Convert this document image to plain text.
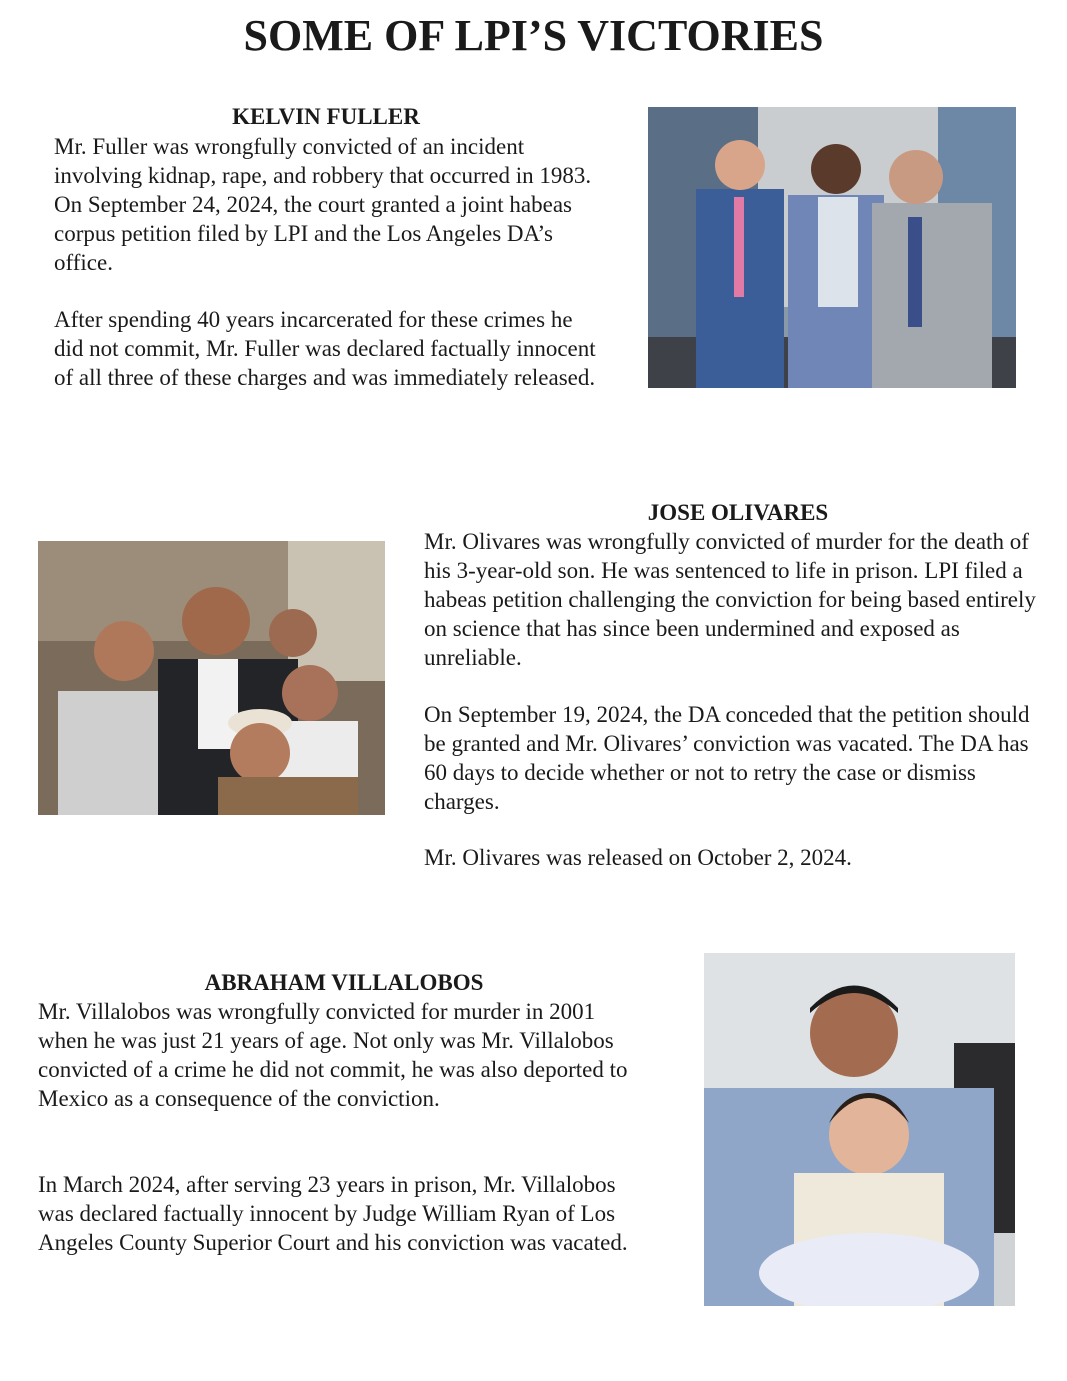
SOME OF LPI’S VICTORIES
KELVIN FULLER

Mr. Fuller was wrongfully convicted of an incident involving kidnap, rape, and robbery that occurred in 1983. On September 24, 2024, the court granted a joint habeas corpus petition filed by LPI and the Los Angeles DA’s office.

After spending 40 years incarcerated for these crimes he did not commit, Mr. Fuller was declared factually innocent of all three of these charges and was immediately released.

JOSE OLIVARES

Mr. Olivares was wrongfully convicted of murder for the death of his 3-year-old son. He was sentenced to life in prison. LPI filed a habeas petition challenging the conviction for being based entirely on science that has since been undermined and exposed as unreliable.

On September 19, 2024, the DA conceded that the petition should be granted and Mr. Olivares’ conviction was vacated. The DA has 60 days to decide whether or not to retry the case or dismiss charges.

Mr. Olivares was released on October 2, 2024.

ABRAHAM VILLALOBOS

Mr. Villalobos was wrongfully convicted for murder in 2001 when he was just 21 years of age. Not only was Mr. Villalobos convicted of a crime he did not commit, he was also deported to Mexico as a consequence of the conviction.

In March 2024, after serving 23 years in prison, Mr. Villalobos was declared factually innocent by Judge William Ryan of Los Angeles County Superior Court and his conviction was vacated.
